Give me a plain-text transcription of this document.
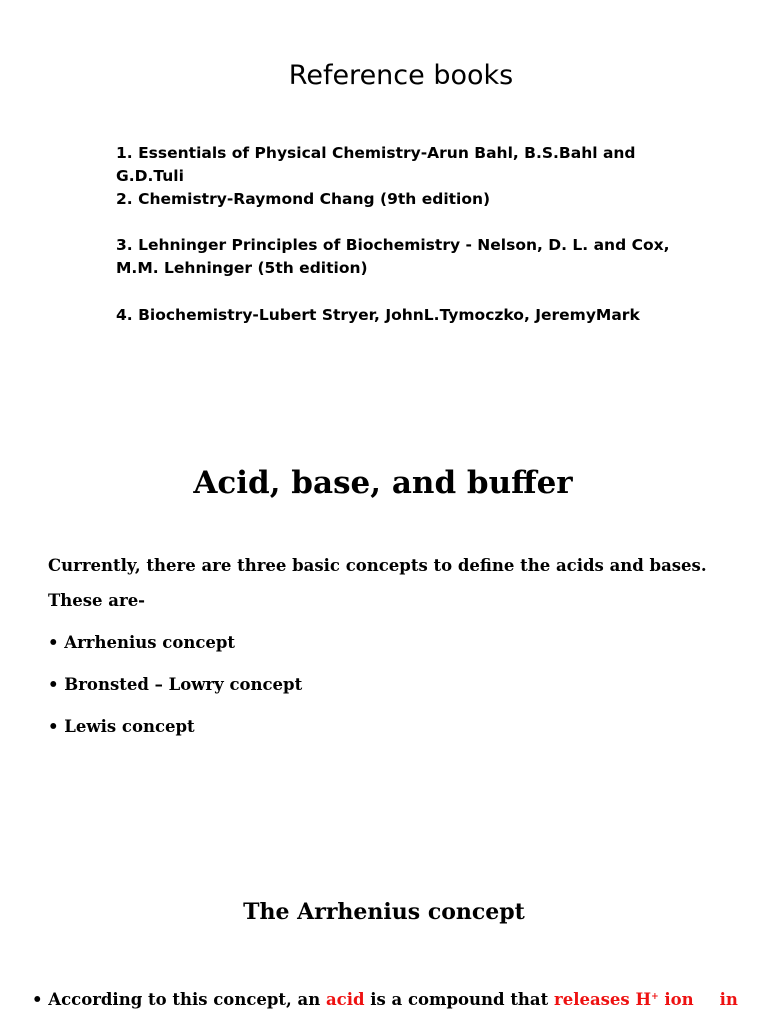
Reference books

1. Essentials of Physical Chemistry-Arun Bahl, B.S.Bahl and G.D.Tuli

2. Chemistry-Raymond Chang (9th edition)

3. Lehninger Principles of Biochemistry - Nelson, D. L. and Cox, M.M. Lehninger (5th edition)

4. Biochemistry-Lubert Stryer, JohnL.Tymoczko, JeremyMark

Acid, base, and buffer

Currently, there are three basic concepts to define the acids and bases. These are-

• Arrhenius concept
• Bronsted – Lowry concept
• Lewis concept
The Arrhenius concept
• According to this concept, an acid is a compound that releases H+ ion in
